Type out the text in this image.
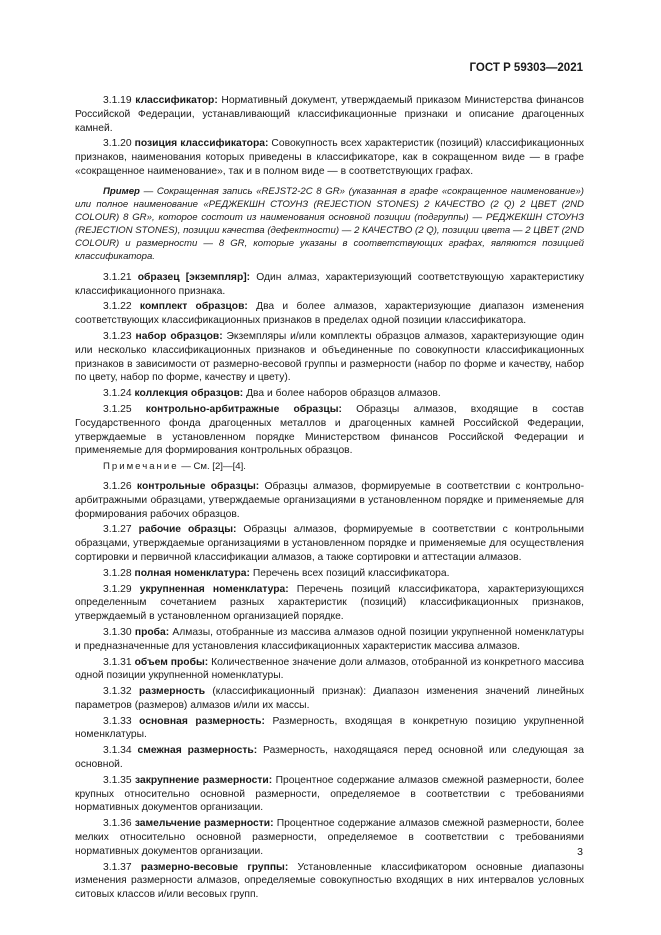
ГОСТ Р 59303—2021

3.1.19 классификатор: Нормативный документ, утверждаемый приказом Министерства финансов Российской Федерации, устанавливающий классификационные признаки и описание драгоценных камней.

3.1.20 позиция классификатора: Совокупность всех характеристик (позиций) классификационных признаков, наименования которых приведены в классификаторе, как в сокращенном виде — в графе «сокращенное наименование», так и в полном виде — в соответствующих графах.

Пример — Сокращенная запись «REJST2-2C 8 GR» (указанная в графе «сокращенное наименование») или полное наименование «РЕДЖЕКШН СТОУНЗ (REJECTION STONES) 2 КАЧЕСТВО (2 Q) 2 ЦВЕТ (2ND COLOUR) 8 GR», которое состоит из наименования основной позиции (подгруппы) — РЕДЖЕКШН СТОУНЗ (REJECTION STONES), позиции качества (дефектности) — 2 КАЧЕСТВО (2 Q), позиции цвета — 2 ЦВЕТ (2ND COLOUR) и размерности — 8 GR, которые указаны в соответствующих графах, являются позицией классификатора.

3.1.21 образец [экземпляр]: Один алмаз, характеризующий соответствующую характеристику классификационного признака.

3.1.22 комплект образцов: Два и более алмазов, характеризующие диапазон изменения соответствующих классификационных признаков в пределах одной позиции классификатора.

3.1.23 набор образцов: Экземпляры и/или комплекты образцов алмазов, характеризующие один или несколько классификационных признаков и объединенные по совокупности классификационных признаков в зависимости от размерно-весовой группы и размерности (набор по форме и качеству, набор по цвету, набор по форме, качеству и цвету).

3.1.24 коллекция образцов: Два и более наборов образцов алмазов.

3.1.25 контрольно-арбитражные образцы: Образцы алмазов, входящие в состав Государственного фонда драгоценных металлов и драгоценных камней Российской Федерации, утверждаемые в установленном порядке Министерством финансов Российской Федерации и применяемые для формирования контрольных образцов.

Примечание — См. [2]—[4].

3.1.26 контрольные образцы: Образцы алмазов, формируемые в соответствии с контрольно-арбитражными образцами, утверждаемые организациями в установленном порядке и применяемые для формирования рабочих образцов.

3.1.27 рабочие образцы: Образцы алмазов, формируемые в соответствии с контрольными образцами, утверждаемые организациями в установленном порядке и применяемые для осуществления сортировки и первичной классификации алмазов, а также сортировки и аттестации алмазов.

3.1.28 полная номенклатура: Перечень всех позиций классификатора.

3.1.29 укрупненная номенклатура: Перечень позиций классификатора, характеризующихся определенным сочетанием разных характеристик (позиций) классификационных признаков, утверждаемый в установленном организацией порядке.

3.1.30 проба: Алмазы, отобранные из массива алмазов одной позиции укрупненной номенклатуры и предназначенные для установления классификационных характеристик массива алмазов.

3.1.31 объем пробы: Количественное значение доли алмазов, отобранной из конкретного массива одной позиции укрупненной номенклатуры.

3.1.32 размерность (классификационный признак): Диапазон изменения значений линейных параметров (размеров) алмазов и/или их массы.

3.1.33 основная размерность: Размерность, входящая в конкретную позицию укрупненной номенклатуры.

3.1.34 смежная размерность: Размерность, находящаяся перед основной или следующая за основной.

3.1.35 закрупнение размерности: Процентное содержание алмазов смежной размерности, более крупных относительно основной размерности, определяемое в соответствии с требованиями нормативных документов организации.

3.1.36 замельчение размерности: Процентное содержание алмазов смежной размерности, более мелких относительно основной размерности, определяемое в соответствии с требованиями нормативных документов организации.

3.1.37 размерно-весовые группы: Установленные классификатором основные диапазоны изменения размерности алмазов, определяемые совокупностью входящих в них интервалов условных ситовых классов и/или весовых групп.

3
